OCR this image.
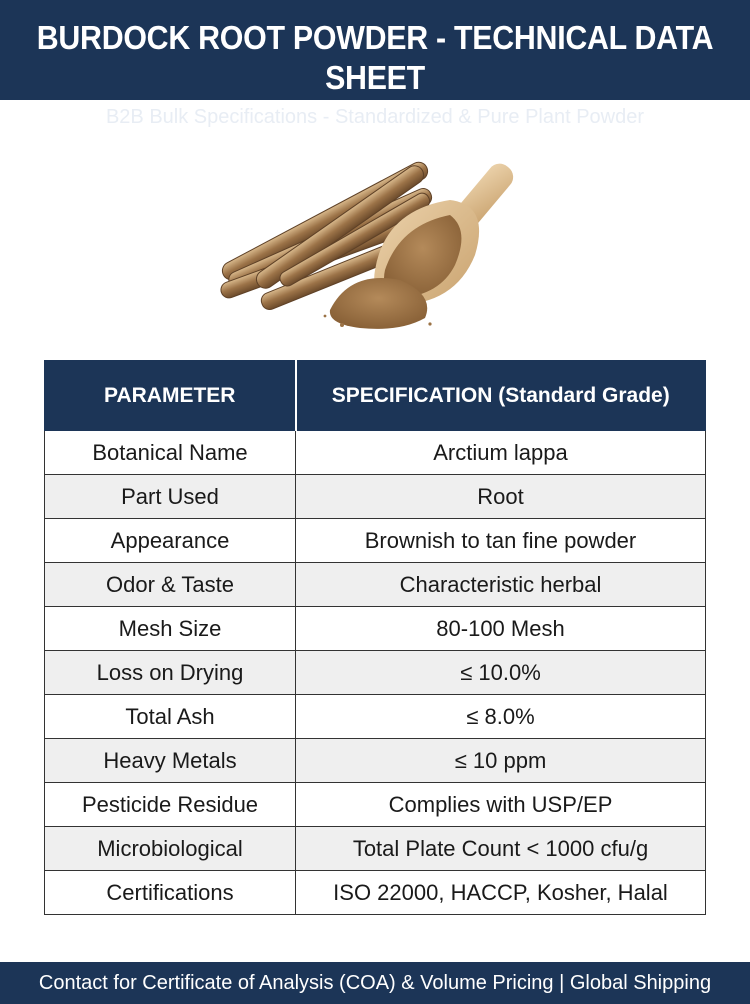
BURDOCK ROOT POWDER - TECHNICAL DATA SHEET
B2B Bulk Specifications - Standardized & Pure Plant Powder
PARAMETER	SPECIFICATION (Standard Grade)
Botanical Name	Arctium lappa
Part Used	Root
Appearance	Brownish to tan fine powder
Odor & Taste	Characteristic herbal
Mesh Size	80-100 Mesh
Loss on Drying	≤ 10.0%
Total Ash	≤ 8.0%
Heavy Metals	≤ 10 ppm
Pesticide Residue	Complies with USP/EP
Microbiological	Total Plate Count < 1000 cfu/g
Certifications	ISO 22000, HACCP, Kosher, Halal
Contact for Certificate of Analysis (COA) & Volume Pricing | Global Shipping
